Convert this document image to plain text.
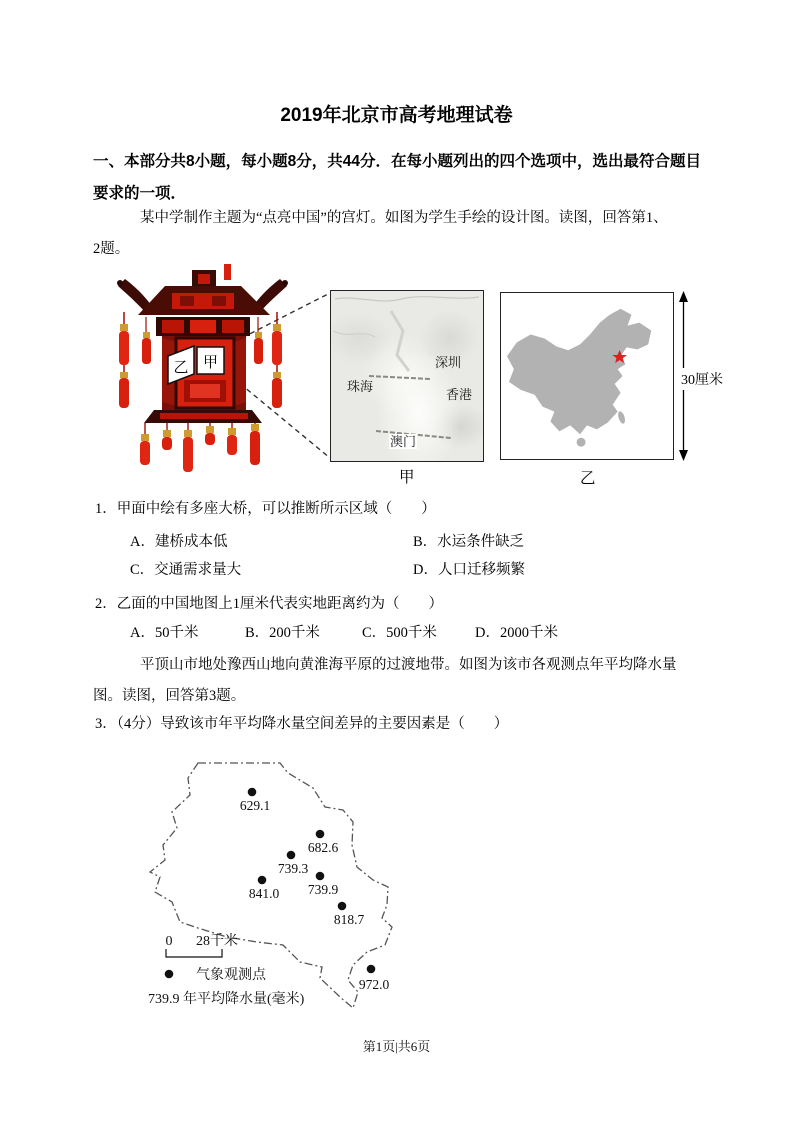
2019年北京市高考地理试卷
一、本部分共8小题，每小题8分，共44分．在每小题列出的四个选项中，选出最符合题目
要求的一项．
某中学制作主题为“点亮中国”的宫灯。如图为学生手绘的设计图。读图，回答第1、
2题。
乙 甲
珠海
深圳
香港
澳门
30厘米
甲	乙
1．甲面中绘有多座大桥，可以推断所示区域（　　）
A．建桥成本低	B．水运条件缺乏
C．交通需求量大	D．人口迁移频繁
2．乙面的中国地图上1厘米代表实地距离约为（　　）
A．50千米	B．200千米	C．500千米	D．2000千米
平顶山市地处豫西山地向黄淮海平原的过渡地带。如图为该市各观测点年平均降水量
图。读图，回答第3题。
3．（4分）导致该市年平均降水量空间差异的主要因素是（　　）
629.1
682.6
739.3
841.0 739.9
818.7
972.0
0 28千米
气象观测点
739.9 年平均降水量(毫米)
第1页|共6页
